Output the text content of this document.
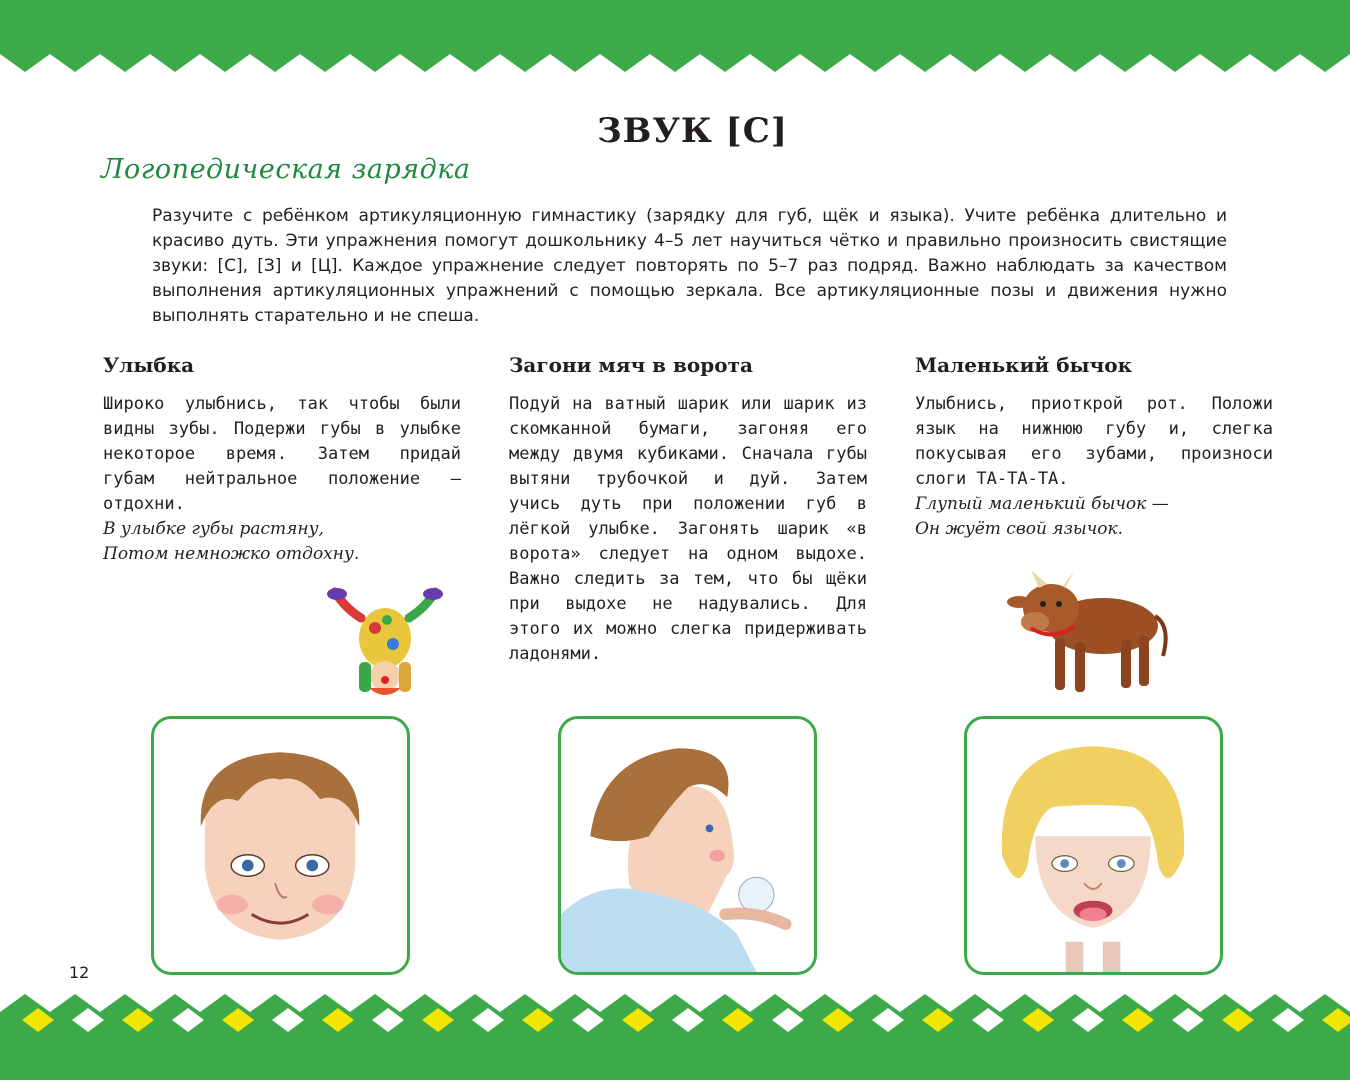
ЗВУК [С]
Логопедическая зарядка
Разучите с ребёнком артикуляционную гимнастику (зарядку для губ, щёк и языка). Учите ребёнка длительно и красиво дуть. Эти упражнения помогут дошкольнику 4–5 лет научиться чётко и правильно произносить свистящие звуки: [С], [З] и [Ц]. Каждое упражнение следует повторять по 5–7 раз подряд. Важно наблюдать за качеством выполнения артикуляционных упражнений с помощью зеркала. Все артикуляционные позы и движения нужно выполнять старательно и не спеша.
Улыбка

Широко улыбнись, так чтобы были видны зубы. Подержи губы в улыбке некоторое время. Затем придай губам нейтральное положение — отдохни.

В улыбке губы растяну,
Потом немножко отдохну.
Загони мяч в ворота

Подуй на ватный шарик или шарик из скомканной бумаги, загоняя его между двумя кубиками. Сначала губы вытяни трубочкой и дуй. Затем учись дуть при положении губ в лёгкой улыбке. Загонять шарик «в ворота» следует на одном выдохе. Важно следить за тем, что бы щёки при выдохе не надувались. Для этого их можно слегка придерживать ладонями.

Маленький бычок

Улыбнись, приоткрой рот. Положи язык на нижнюю губу и, слегка покусывая его зубами, произноси слоги ТА-ТА-ТА.

Глупый маленький бычок —
Он жуёт свой язычок.
12
